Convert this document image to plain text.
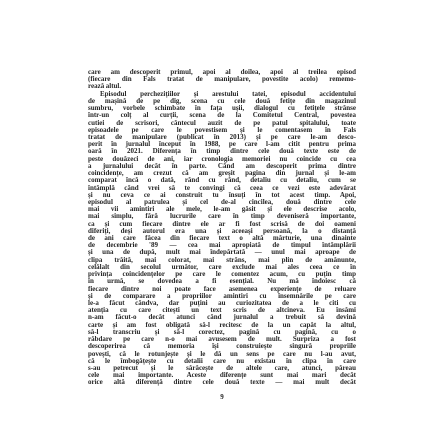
care am descoperit primul, apoi al doilea, apoi al treilea episod
(fiecare din Fals tratat de manipulare, povestite acolo) rememo-
rează altul.
Episodul perchezițiilor și arestului tatei, episodul accidentului
de mașină de pe dig, scena cu cele două fetițe din magazinul
sumbru, vorbele schimbate în fața ușii, dialogul cu fetițele strânse
într-un colț al curții, scena de la Comitetul Central, povestea
cutiei de scrisori, cântecul auzit de pe patul spitalului, toate
episoadele pe care le povestisem și le comentasem în Fals
tratat de manipulare (publicat în 2013) și pe care le-am desco-
perit în jurnalul început în 1988, pe care l-am citit pentru prima
oară în 2021. Diferența în timp dintre cele două texte este de
peste douăzeci de ani, iar cronologia memoriei nu coincide cu cea
a jurnalului decât în parte. Când am descoperit prima dintre
coincidențe, am crezut că am greșit pagina din jurnal și le-am
comparat încă o dată, rând cu rând, detaliu cu detaliu, cum se
întâmplă când vrei să te convingi că ceea ce vezi este adevărat
și nu ceva ce ai construit tu însuți în tot acest timp. Apoi,
episodul al patrulea și cel de-al cincilea, două dintre cele
mai vii amintiri ale mele, le-am găsit și ele descrise acolo,
mai simplu, fără lucrurile care în timp deveniseră importante,
ca și cum fiecare dintre ele ar fi fost scrisă de doi oameni
diferiți, deși autorul era una și aceeași persoană, la o distanță
de ani care făcea din fiecare text o altă mărturie, una dinainte
de decembrie '89 — cea mai apropiată de timpul întâmplării
și una de după, mult mai îndepărtată — unul mai aproape de
clipa trăită, mai colorat, mai strâns, mai plin de amănunte,
celălalt din secolul următor, care exclude mai ales ceea ce în
privința coincidențelor pe care le comentez acum, cu puțin timp
în urmă, se dovedea a fi esențial. Nu mă îndoiesc că
fiecare dintre noi poate face asemenea experiențe de reluare
și de comparare a propriilor amintiri cu însemnările pe care
le-a făcut cândva, dar puțini au curiozitatea de a le citi cu
atenția cu care citești un text scris de altcineva. Eu însămi
n-am făcut-o decât atunci când jurnalul a trebuit să devină
carte și am fost obligată să-l recitesc de la un capăt la altul,
să-l transcriu și să-l corectez, pagină cu pagină, cu o
răbdare pe care n-o mai avusesem de mult. Surpriza a fost
descoperirea că memoria își construiește singură propriile
povești, că le rotunjește și le dă un sens pe care nu l-au avut,
că le îmbogățește cu detalii care nu existau în clipa în care
s-au petrecut și le sărăcește de altele care, atunci, păreau
cele mai importante. Aceste diferențe sunt mai mari decât
orice altă diferență dintre cele două texte — mai mult decât
9
